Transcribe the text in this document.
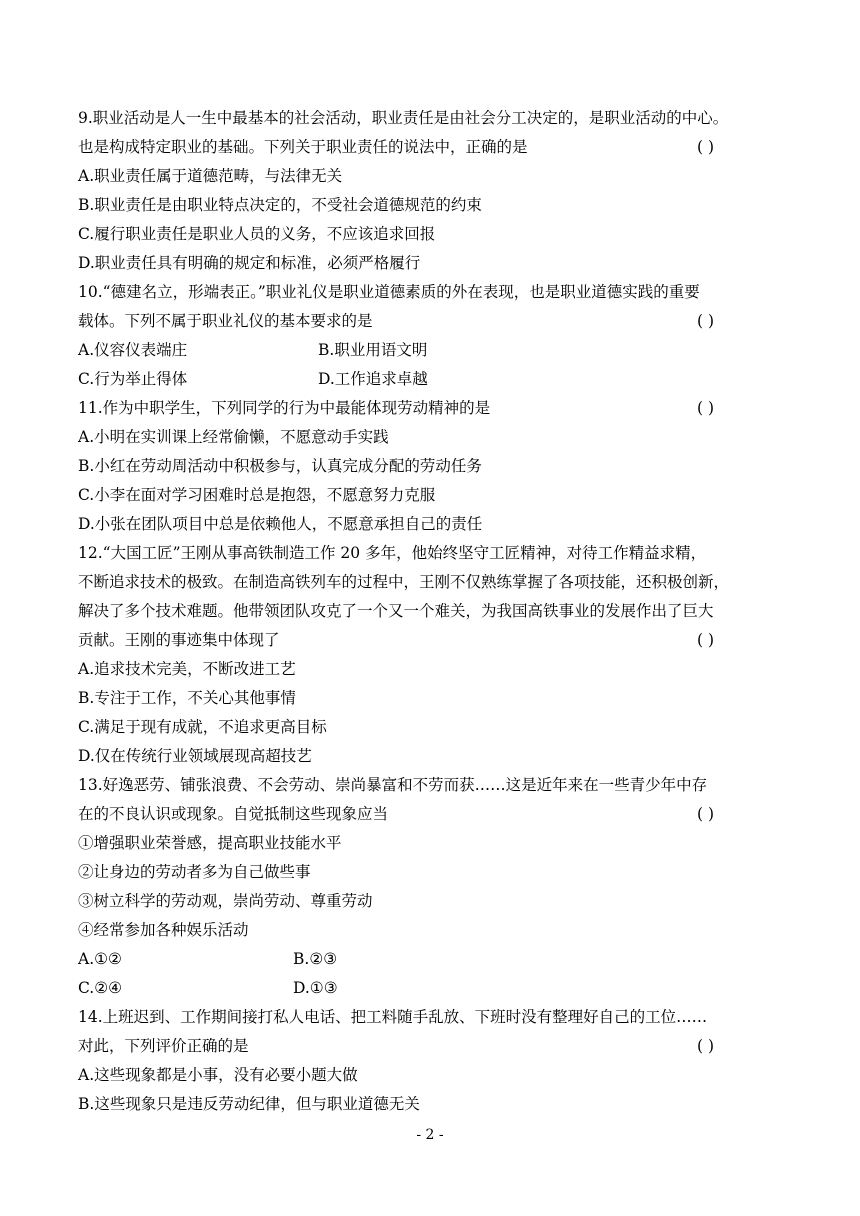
9.职业活动是人一生中最基本的社会活动，职业责任是由社会分工决定的，是职业活动的中心。
也是构成特定职业的基础。下列关于职业责任的说法中，正确的是	( )
A.职业责任属于道德范畴，与法律无关
B.职业责任是由职业特点决定的，不受社会道德规范的约束
C.履行职业责任是职业人员的义务，不应该追求回报
D.职业责任具有明确的规定和标准，必须严格履行
10.“德建名立，形端表正。”职业礼仪是职业道德素质的外在表现，也是职业道德实践的重要
载体。下列不属于职业礼仪的基本要求的是	( )
A.仪容仪表端庄	B.职业用语文明
C.行为举止得体	D.工作追求卓越
11.作为中职学生，下列同学的行为中最能体现劳动精神的是	( )
A.小明在实训课上经常偷懒，不愿意动手实践
B.小红在劳动周活动中积极参与，认真完成分配的劳动任务
C.小李在面对学习困难时总是抱怨，不愿意努力克服
D.小张在团队项目中总是依赖他人，不愿意承担自己的责任
12.“大国工匠”王刚从事高铁制造工作 20 多年，他始终坚守工匠精神，对待工作精益求精，
不断追求技术的极致。在制造高铁列车的过程中，王刚不仅熟练掌握了各项技能，还积极创新，
解决了多个技术难题。他带领团队攻克了一个又一个难关，为我国高铁事业的发展作出了巨大
贡献。王刚的事迹集中体现了	( )
A.追求技术完美，不断改进工艺
B.专注于工作，不关心其他事情
C.满足于现有成就，不追求更高目标
D.仅在传统行业领域展现高超技艺
13.好逸恶劳、铺张浪费、不会劳动、崇尚暴富和不劳而获……这是近年来在一些青少年中存
在的不良认识或现象。自觉抵制这些现象应当	( )
①增强职业荣誉感，提高职业技能水平
②让身边的劳动者多为自己做些事
③树立科学的劳动观，崇尚劳动、尊重劳动
④经常参加各种娱乐活动
A.①②	B.②③
C.②④	D.①③
14.上班迟到、工作期间接打私人电话、把工料随手乱放、下班时没有整理好自己的工位……
对此，下列评价正确的是	( )
A.这些现象都是小事，没有必要小题大做
B.这些现象只是违反劳动纪律，但与职业道德无关
- 2 -
